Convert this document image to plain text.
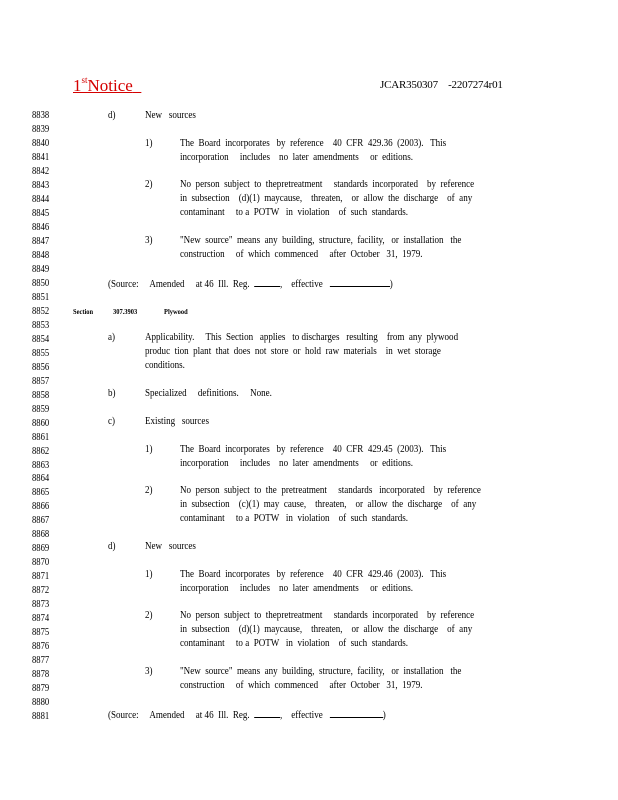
1stNotice	JCAR350307    -2207274r01
8838
8839
8840
8841
8842
8843
8844
8845
8846
8847
8848
8849
8850
8851
8852
8853
8854
8855
8856
8857
8858
8859
8860
8861
8862
8863
8864
8865
8866
8867
8868
8869
8870
8871
8872
8873
8874
8875
8876
8877
8878
8879
8880
8881
d)	New   sources
1)	The  Board  incorporates   by  reference    40  CFR  429.36  (2003).   This
incorporation     includes    no  later  amendments     or  editions.
2)	No  person  subject  to  thepretreatment     standards  incorporated    by  reference
in  subsection    (d)(1)  maycause,    threaten,    or  allow  the  discharge    of  any
contaminant     to a  POTW   in  violation    of  such  standards.
3)	"New  source"  means  any  building,  structure,  facility,   or  installation   the
construction     of  which  commenced     after  October   31,  1979.
(Source:     Amended     at 46  Ill.  Reg.	,    effective	)
Section	307.3903	Plywood
a)	Applicability.     This  Section   applies   to discharges   resulting    from  any  plywood
produc  tion  plant  that  does  not  store  or  hold  raw  materials    in  wet  storage
conditions.
b)	Specialized     definitions.     None.
c)	Existing   sources
1)	The  Board  incorporates   by  reference    40  CFR  429.45  (2003).   This
incorporation     includes    no  later  amendments     or  editions.
2)	No  person  subject  to  the  pretreatment     standards   incorporated    by  reference
in  subsection    (c)(1)  may  cause,    threaten,    or  allow  the  discharge    of  any
contaminant     to a  POTW   in  violation    of  such  standards.
d)	New   sources
1)	The  Board  incorporates   by  reference    40  CFR  429.46  (2003).   This
incorporation     includes    no  later  amendments     or  editions.
2)	No  person  subject  to  thepretreatment     standards  incorporated    by  reference
in  subsection    (d)(1)  maycause,    threaten,    or  allow  the  discharge    of  any
contaminant     to a  POTW   in  violation    of  such  standards.
3)	"New  source"  means  any  building,  structure,  facility,   or  installation   the
construction     of  which  commenced     after  October   31,  1979.
(Source:     Amended     at 46  Ill.  Reg.	,    effective	)
